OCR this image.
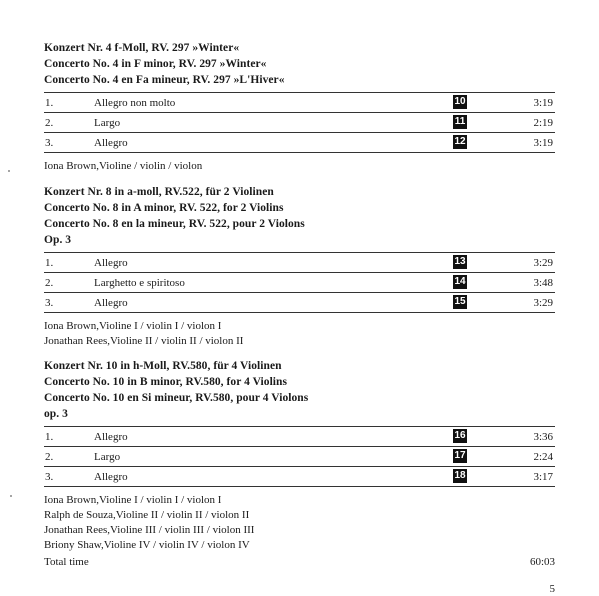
Konzert Nr. 4 f-Moll, RV. 297 »Winter«
Concerto No. 4 in F minor, RV. 297 »Winter«
Concerto No. 4 en Fa mineur, RV. 297 »L'Hiver«
1.	Allegro non molto	10	3:19
2.	Largo	11	2:19
3.	Allegro	12	3:19
Iona Brown,Violine / violin / violon
Konzert Nr. 8 in a-moll, RV.522, für 2 Violinen
Concerto No. 8 in A minor, RV. 522, for 2 Violins
Concerto No. 8 en la mineur, RV. 522, pour 2 Violons
Op. 3
1.	Allegro	13	3:29
2.	Larghetto e spiritoso	14	3:48
3.	Allegro	15	3:29
Iona Brown,Violine I / violin I / violon I
Jonathan Rees,Violine II / violin II / violon II
Konzert Nr. 10 in h-Moll, RV.580, für 4 Violinen
Concerto No. 10 in B minor, RV.580, for 4 Violins
Concerto No. 10 en Si mineur, RV.580, pour 4 Violons
op. 3
1.	Allegro	16	3:36
2.	Largo	17	2:24
3.	Allegro	18	3:17
Iona Brown,Violine I / violin I / violon I
Ralph de Souza,Violine II / violin II / violon II
Jonathan Rees,Violine III / violin III / violon III
Briony Shaw,Violine IV / violin IV / violon IV
Total time	60:03
5
